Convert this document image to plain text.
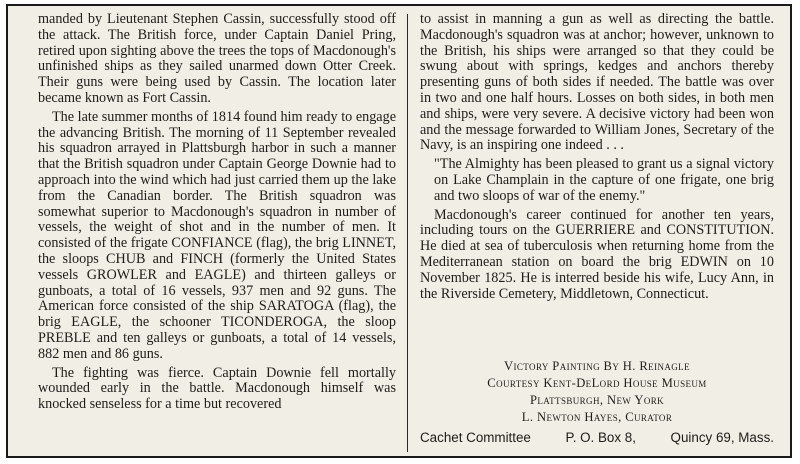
manded by Lieutenant Stephen Cassin, successfully stood off the attack. The British force, under Captain Daniel Pring, retired upon sighting above the trees the tops of Macdonough's unfinished ships as they sailed unarmed down Otter Creek. Their guns were being used by Cassin. The location later became known as Fort Cassin.

The late summer months of 1814 found him ready to engage the advancing British. The morning of 11 September revealed his squadron arrayed in Plattsburgh harbor in such a manner that the British squadron under Captain George Downie had to approach into the wind which had just carried them up the lake from the Canadian border. The British squadron was somewhat superior to Macdonough's squadron in number of vessels, the weight of shot and in the number of men. It consisted of the frigate CONFIANCE (flag), the brig LINNET, the sloops CHUB and FINCH (formerly the United States vessels GROWLER and EAGLE) and thirteen galleys or gunboats, a total of 16 vessels, 937 men and 92 guns. The American force consisted of the ship SARATOGA (flag), the brig EAGLE, the schooner TICONDEROGA, the sloop PREBLE and ten galleys or gunboats, a total of 14 vessels, 882 men and 86 guns.

The fighting was fierce. Captain Downie fell mortally wounded early in the battle. Macdonough himself was knocked senseless for a time but recovered

to assist in manning a gun as well as directing the battle. Macdonough's squadron was at anchor; however, unknown to the British, his ships were arranged so that they could be swung about with springs, kedges and anchors thereby presenting guns of both sides if needed. The battle was over in two and one half hours. Losses on both sides, in both men and ships, were very severe. A decisive victory had been won and the message forwarded to William Jones, Secretary of the Navy, is an inspiring one indeed . . .

"The Almighty has been pleased to grant us a signal victory on Lake Champlain in the capture of one frigate, one brig and two sloops of war of the enemy."

Macdonough's career continued for another ten years, including tours on the GUERRIERE and CONSTITUTION. He died at sea of tuberculosis when returning home from the Mediterranean station on board the brig EDWIN on 10 November 1825. He is interred beside his wife, Lucy Ann, in the Riverside Cemetery, Middletown, Connecticut.

Victory Painting By H. Reinagle
Courtesy Kent-DeLord House Museum
Plattsburgh, New York
L. Newton Hayes, Curator
Cachet Committee	P. O. Box 8,	Quincy 69, Mass.
